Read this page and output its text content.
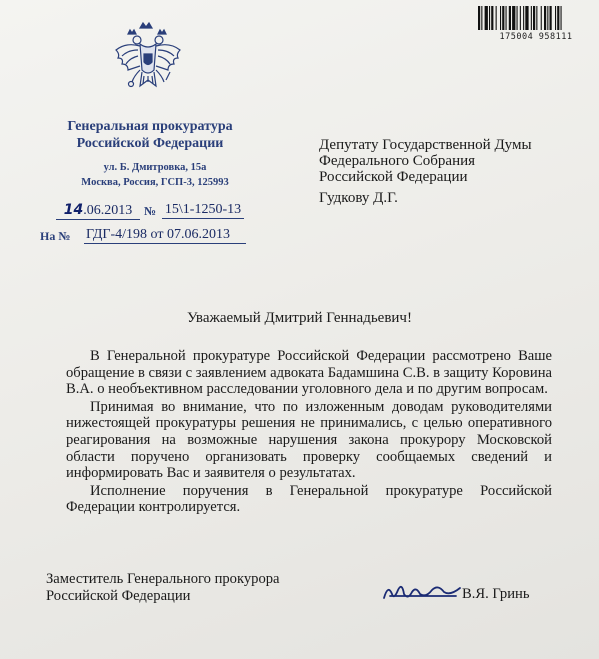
175004 958111
Генеральная прокуратура
Российской Федерации
ул. Б. Дмитровка, 15а
Москва, Россия, ГСП-3, 125993
14.06.2013 № 15\1-1250-13
На № ГДГ-4/198 от 07.06.2013
Депутату Государственной Думы
Федерального Собрания
Российской Федерации
Гудкову Д.Г.
Уважаемый Дмитрий Геннадьевич!

В Генеральной прокуратуре Российской Федерации рассмотрено Ваше обращение в связи с заявлением адвоката Бадамшина С.В. в защиту Коровина В.А. о необъективном расследовании уголовного дела и по другим вопросам.

Принимая во внимание, что по изложенным доводам руководителями нижестоящей прокуратуры решения не принимались, с целью оперативного реагирования на возможные нарушения закона прокурору Московской области поручено организовать проверку сообщаемых сведений и информировать Вас и заявителя о результатах.

Исполнение поручения в Генеральной прокуратуре Российской Федерации контролируется.

Заместитель Генерального прокурора
Российской Федерации	В.Я. Гринь
